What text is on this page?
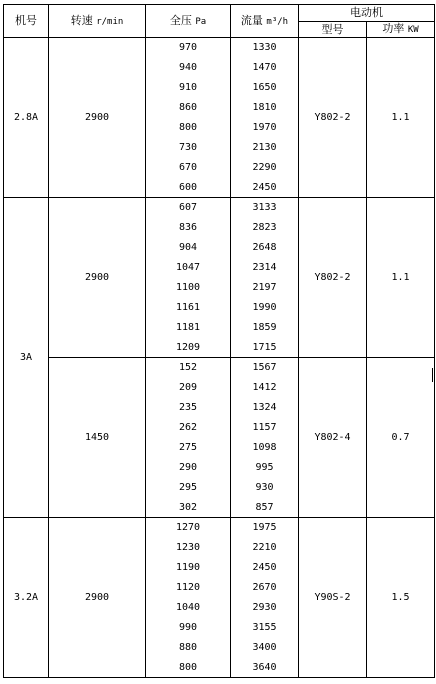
机号	转速 r/min	全压 Pa	流量 m³/h	电动机	
				型号	功率 KW
2.8A	2900	970	1330	Y802-2	1.1
		940	1470		
		910	1650		
		860	1810		
		800	1970		
		730	2130		
		670	2290		
		600	2450		
3A	2900	607	3133	Y802-2	1.1
		836	2823		
		904	2648		
		1047	2314		
		1100	2197		
		1161	1990		
		1181	1859		
		1209	1715		
	1450	152	1567	Y802-4	0.7
		209	1412		
		235	1324		
		262	1157		
		275	1098		
		290	995		
		295	930		
		302	857		
3.2A	2900	1270	1975	Y90S-2	1.5
		1230	2210		
		1190	2450		
		1120	2670		
		1040	2930		
		990	3155		
		880	3400		
		800	3640		
